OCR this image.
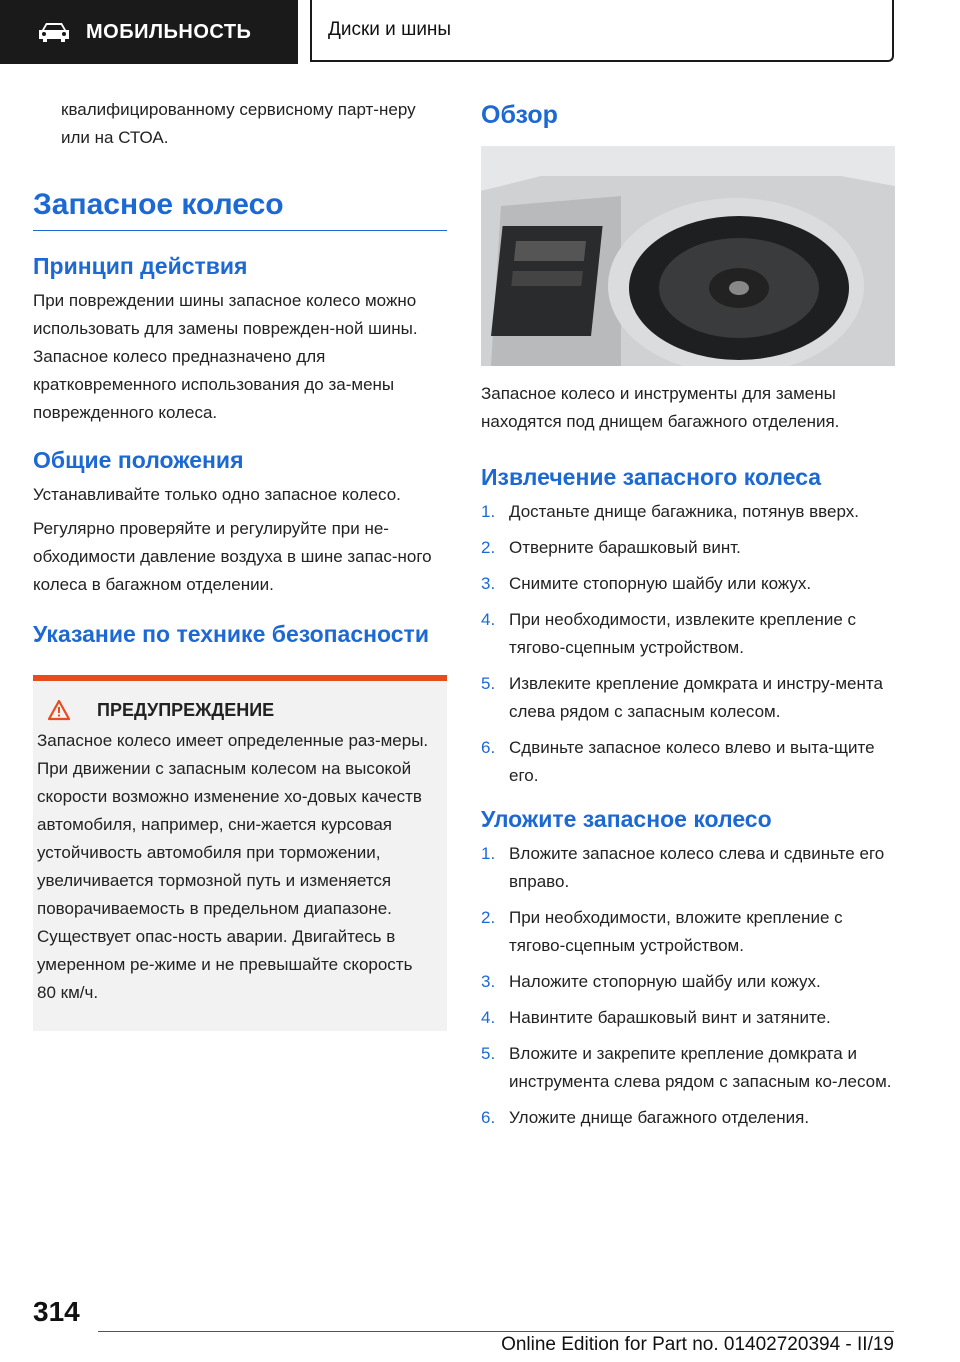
МОБИЛЬНОСТЬ	Диски и шины

квалифицированному сервисному парт-неру или на СТОА.

Запасное колесо
Принцип действия

При повреждении шины запасное колесо можно использовать для замены поврежден-ной шины. Запасное колесо предназначено для кратковременного использования до за-мены поврежденного колеса.

Общие положения

Устанавливайте только одно запасное колесо.

Регулярно проверяйте и регулируйте при не-обходимости давление воздуха в шине запас-ного колеса в багажном отделении.

Указание по технике безопасности
ПРЕДУПРЕЖДЕНИЕ

Запасное колесо имеет определенные раз-меры. При движении с запасным колесом на высокой скорости возможно изменение хо-довых качеств автомобиля, например, сни-жается курсовая устойчивость автомобиля при торможении, увеличивается тормозной путь и изменяется поворачиваемость в предельном диапазоне. Существует опас-ность аварии. Двигайтесь в умеренном ре-жиме и не превышайте скорость 80 км/ч.

Обзор

Запасное колесо и инструменты для замены находятся под днищем багажного отделения.

Извлечение запасного колеса
1. Достаньте днище багажника, потянув вверх.
2. Отверните барашковый винт.
3. Снимите стопорную шайбу или кожух.
4. При необходимости, извлеките крепление с тягово-сцепным устройством.
5. Извлеките крепление домкрата и инстру-мента слева рядом с запасным колесом.
6. Сдвиньте запасное колесо влево и выта-щите его.
Уложите запасное колесо
1. Вложите запасное колесо слева и сдвиньте его вправо.
2. При необходимости, вложите крепление с тягово-сцепным устройством.
3. Наложите стопорную шайбу или кожух.
4. Навинтите барашковый винт и затяните.
5. Вложите и закрепите крепление домкрата и инструмента слева рядом с запасным ко-лесом.
6. Уложите днище багажного отделения.
314
Online Edition for Part no. 01402720394 - II/19
